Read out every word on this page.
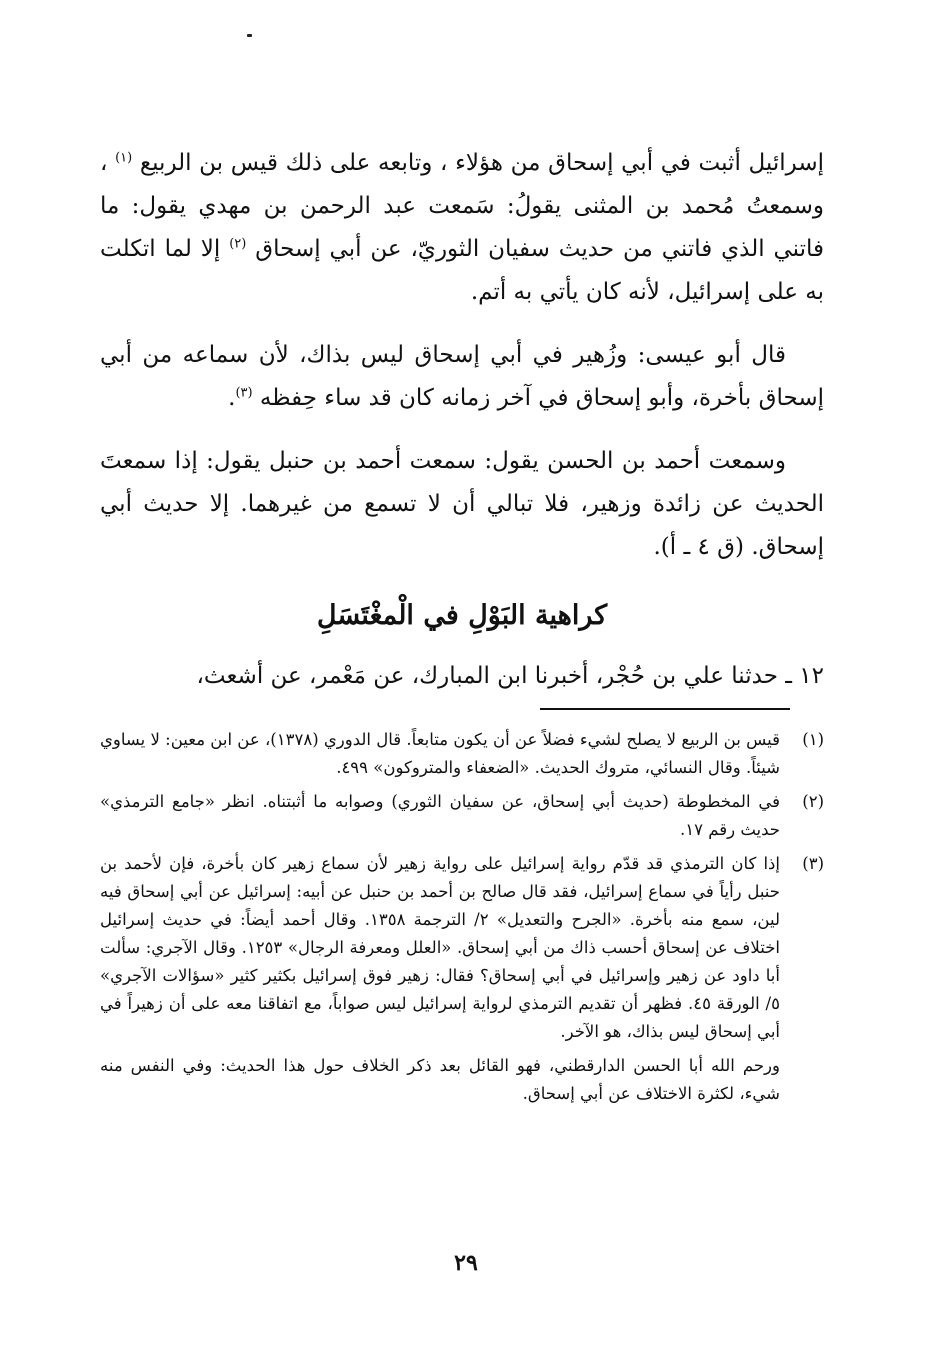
إسرائيل أثبت في أبي إسحاق من هؤلاء ، وتابعه على ذلك قيس بن الربيع $^{(١)}$ ، وسمعتُ مُحمد بن المثنى يقولُ: سَمعت عبد الرحمن بن مهدي يقول: ما فاتني الذي فاتني من حديث سفيان الثوريّ، عن أبي إسحاق $^{(٢)}$ إلا لما اتكلت به على إسرائيل، لأنه كان يأتي به أتم.

قال أبو عيسى: وزُهير في أبي إسحاق ليس بذاك، لأن سماعه من أبي إسحاق بأخرة، وأبو إسحاق في آخر زمانه كان قد ساء حِفظه $^{(٣)}$.

وسمعت أحمد بن الحسن يقول: سمعت أحمد بن حنبل يقول: إذا سمعتَ الحديث عن زائدة وزهير، فلا تبالي أن لا تسمع من غيرهما. إلا حديث أبي إسحاق. (ق ٤ ـ أ).

كراهية البَوْلِ في الْمغْتَسَلِ
١٢ ـ حدثنا علي بن حُجْر، أخبرنا ابن المبارك، عن مَعْمر، عن أشعث،
(١)
قيس بن الربيع لا يصلح لشيء فضلاً عن أن يكون متابعاً. قال الدوري (١٣٧٨)، عن ابن معين: لا يساوي شيئاً. وقال النسائي، متروك الحديث. «الضعفاء والمتروكون» ٤٩٩.
(٢)
في المخطوطة (حديث أبي إسحاق، عن سفيان الثوري) وصوابه ما أثبتناه. انظر «جامع الترمذي» حديث رقم ١٧.
(٣)
إذا كان الترمذي قد قدّم رواية إسرائيل على رواية زهير لأن سماع زهير كان بأخرة، فإن لأحمد بن حنبل رأياً في سماع إسرائيل، فقد قال صالح بن أحمد بن حنبل عن أبيه: إسرائيل عن أبي إسحاق فيه لين، سمع منه بأخرة. «الجرح والتعديل» ٢/ الترجمة ١٣٥٨. وقال أحمد أيضاً: في حديث إسرائيل اختلاف عن إسحاق أحسب ذاك من أبي إسحاق. «العلل ومعرفة الرجال» ١٢٥٣. وقال الآجري: سألت أبا داود عن زهير وإسرائيل في أبي إسحاق؟ فقال: زهير فوق إسرائيل بكثير كثير «سؤالات الآجري» ٥/ الورقة ٤٥. فظهر أن تقديم الترمذي لرواية إسرائيل ليس صواباً، مع اتفاقنا معه على أن زهيراً في أبي إسحاق ليس بذاك، هو الآخر.
ورحم الله أبا الحسن الدارقطني، فهو القائل بعد ذكر الخلاف حول هذا الحديث: وفي النفس منه شيء، لكثرة الاختلاف عن أبي إسحاق.
٢٩
